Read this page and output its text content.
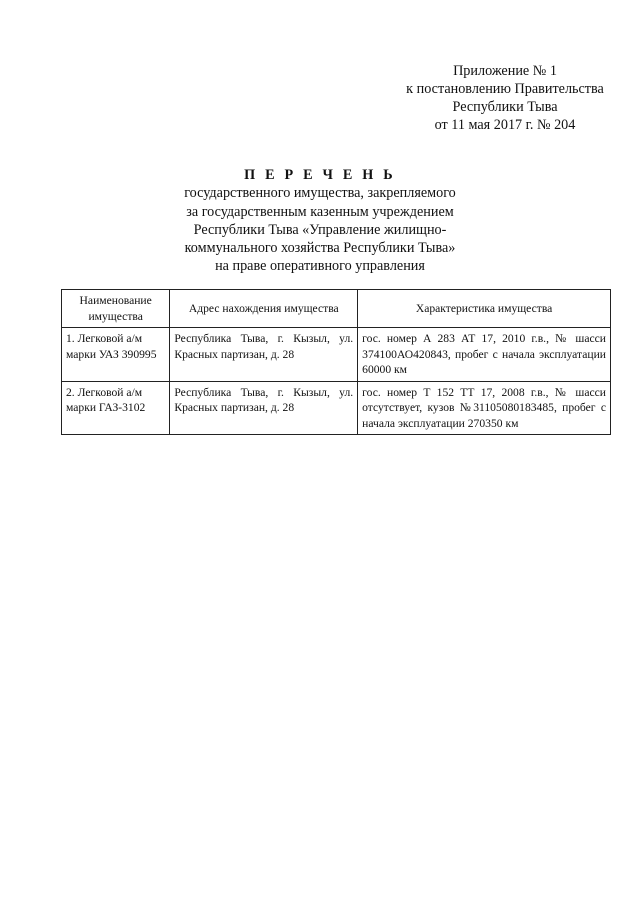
Приложение № 1
к постановлению Правительства
Республики Тыва
от 11 мая 2017 г. № 204
П Е Р Е Ч Е Н Ь
государственного имущества, закрепляемого
за государственным казенным учреждением
Республики Тыва «Управление жилищно-
коммунального хозяйства Республики Тыва»
на праве оперативного управления
Наименование имущества	Адрес нахождения имущества	Характеристика имущества
1. Легковой а/м марки УАЗ 390995	Республика Тыва, г. Кызыл, ул. Красных партизан, д. 28	гос. номер А 283 АТ 17, 2010 г.в., № шасси 374100АО420843, пробег с начала эксплуатации 60000 км
2. Легковой а/м марки ГАЗ-3102	Республика Тыва, г. Кызыл, ул. Красных партизан, д. 28	гос. номер Т 152 ТТ 17, 2008 г.в., № шасси отсутствует, кузов №31105080183485, пробег с начала эксплуатации 270350 км
